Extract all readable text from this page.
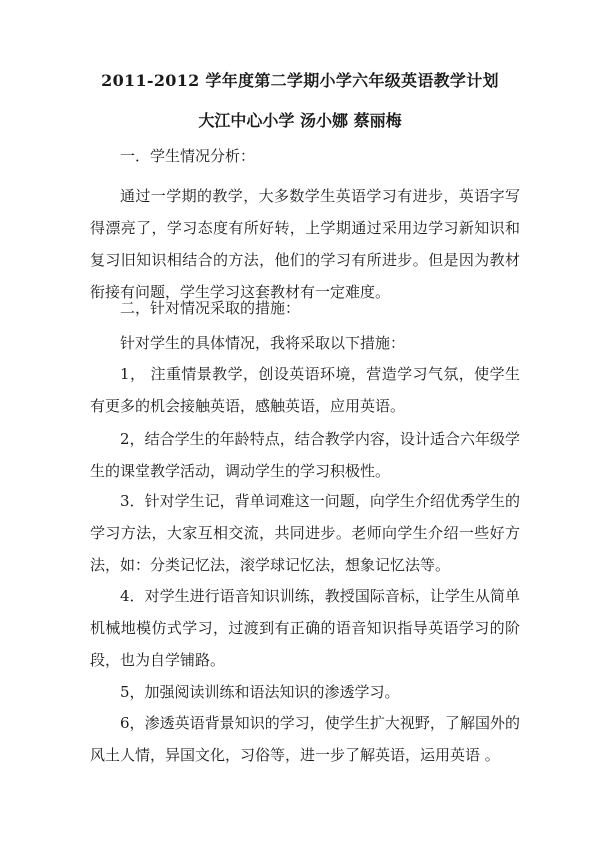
2011-2012 学年度第二学期小学六年级英语教学计划
大江中心小学 汤小娜 蔡丽梅
一．学生情况分析：
通过一学期的教学，大多数学生英语学习有进步，英语字写得漂亮了，学习态度有所好转，上学期通过采用边学习新知识和复习旧知识相结合的方法，他们的学习有所进步。但是因为教材衔接有问题，学生学习这套教材有一定难度。
二，针对情况采取的措施：
针对学生的具体情况，我将采取以下措施：
1， 注重情景教学，创设英语环境，营造学习气氛，使学生有更多的机会接触英语，感触英语，应用英语。
2，结合学生的年龄特点，结合教学内容，设计适合六年级学生的课堂教学活动，调动学生的学习积极性。
3．针对学生记，背单词难这一问题，向学生介绍优秀学生的学习方法，大家互相交流，共同进步。老师向学生介绍一些好方法，如：分类记忆法，滚学球记忆法，想象记忆法等。
4．对学生进行语音知识训练，教授国际音标，让学生从简单机械地模仿式学习，过渡到有正确的语音知识指导英语学习的阶段，也为自学铺路。
5，加强阅读训练和语法知识的渗透学习。
6，渗透英语背景知识的学习，使学生扩大视野，了解国外的风土人情，异国文化，习俗等，进一步了解英语，运用英语 。
